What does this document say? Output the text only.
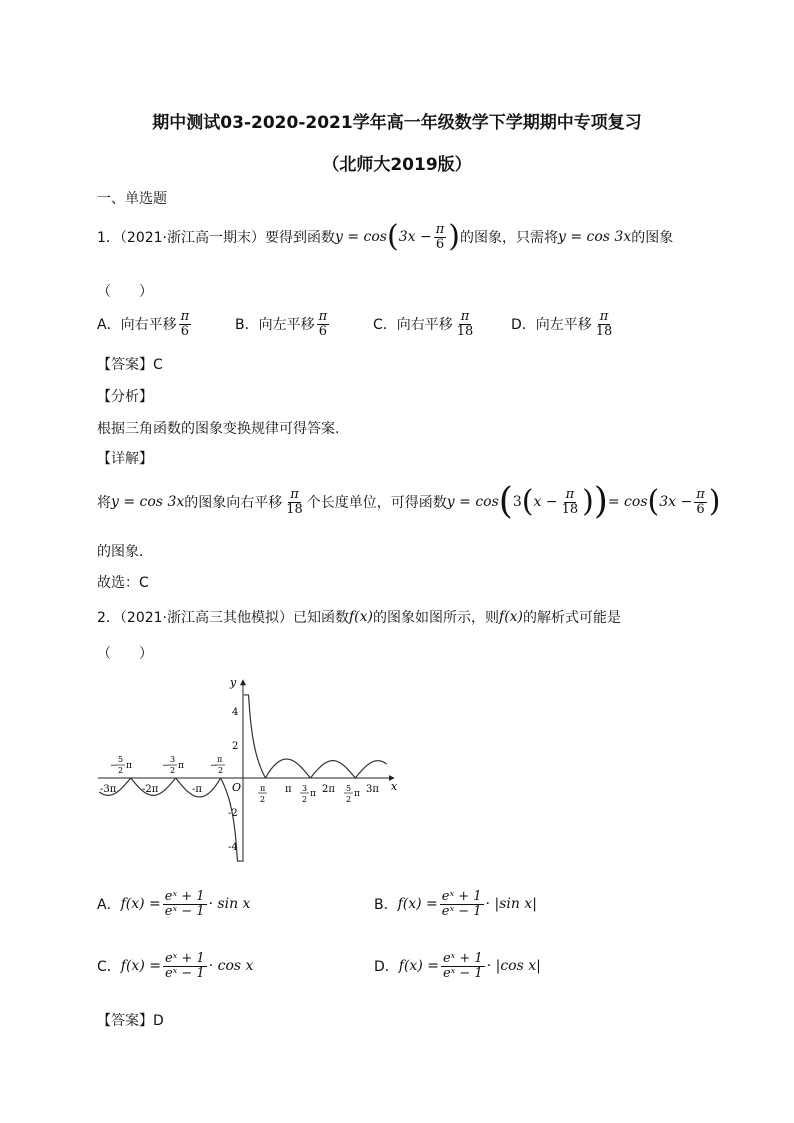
期中测试03-2020-2021学年高一年级数学下学期期中专项复习
（北师大2019版）
一、单选题
1．（2021·浙江高一期末）要得到函数 y = cos ( $3x - \frac{\pi}{6}$ ) 的图象，只需将 y = cos 3x 的图象
（　　）
A．向右平移 $\frac{\pi}{6}$	B．向左平移 $\frac{\pi}{6}$	C．向右平移 $\frac{\pi}{18}$	D．向左平移 $\frac{\pi}{18}$
【答案】C
【分析】
根据三角函数的图象变换规律可得答案.
【详解】
将 y = cos 3x 的图象向右平移 $\frac{\pi}{18}$ 个长度单位，可得函数 y = cos ( 3 ( $x - \frac{\pi}{18}$ ) ) = cos ( $3x - \frac{\pi}{6}$ )
的图象.
故选：C
2．（2021·浙江高三其他模拟）已知函数 f(x) 的图象如图所示，则 f(x) 的解析式可能是
（　　）
y
x
O
4
2
-2
-4
-3π	-2π	-π	π	2π	3π
−
5
2 π	−
3
2 π	−
π
2
π
2
3
2
π
5
2
π
A． $f(x) = \frac{\text{eˣ + 1}}{\text{eˣ − 1}} \cdot \sin x$	B． $f(x) = \frac{\text{eˣ + 1}}{\text{eˣ − 1}} \cdot |\sin$ x|
C． $f(x) = \frac{\text{eˣ + 1}}{\text{eˣ − 1}} \cdot \cos x$	D． $f(x) = \frac{\text{eˣ + 1}}{\text{eˣ − 1}} \cdot |\cos$ x|
【答案】D
